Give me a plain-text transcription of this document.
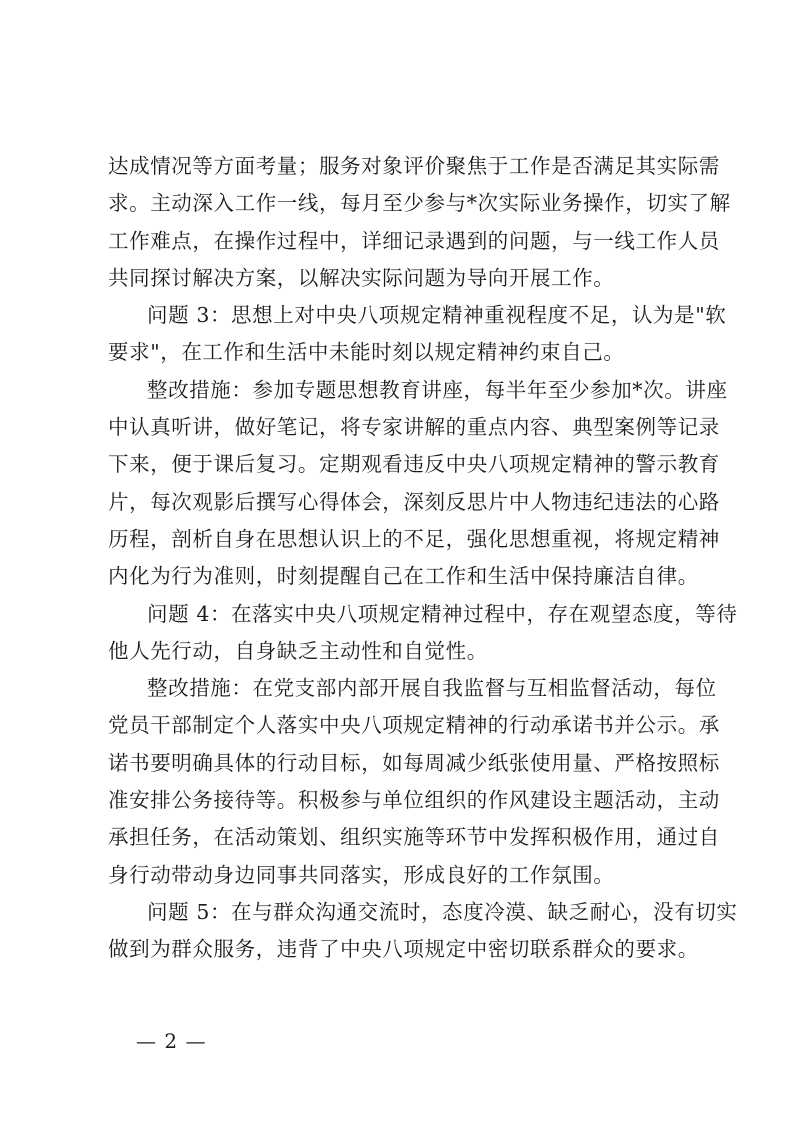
达成情况等方面考量；服务对象评价聚焦于工作是否满足其实际需
求。主动深入工作一线，每月至少参与*次实际业务操作，切实了解
工作难点，在操作过程中，详细记录遇到的问题，与一线工作人员
共同探讨解决方案，以解决实际问题为导向开展工作。
问题 3：思想上对中央八项规定精神重视程度不足，认为是"软
要求"，在工作和生活中未能时刻以规定精神约束自己。
整改措施：参加专题思想教育讲座，每半年至少参加*次。讲座
中认真听讲，做好笔记，将专家讲解的重点内容、典型案例等记录
下来，便于课后复习。定期观看违反中央八项规定精神的警示教育
片，每次观影后撰写心得体会，深刻反思片中人物违纪违法的心路
历程，剖析自身在思想认识上的不足，强化思想重视，将规定精神
内化为行为准则，时刻提醒自己在工作和生活中保持廉洁自律。
问题 4：在落实中央八项规定精神过程中，存在观望态度，等待
他人先行动，自身缺乏主动性和自觉性。
整改措施：在党支部内部开展自我监督与互相监督活动，每位
党员干部制定个人落实中央八项规定精神的行动承诺书并公示。承
诺书要明确具体的行动目标，如每周减少纸张使用量、严格按照标
准安排公务接待等。积极参与单位组织的作风建设主题活动，主动
承担任务，在活动策划、组织实施等环节中发挥积极作用，通过自
身行动带动身边同事共同落实，形成良好的工作氛围。
问题 5：在与群众沟通交流时，态度冷漠、缺乏耐心，没有切实
做到为群众服务，违背了中央八项规定中密切联系群众的要求。
— 2 —
